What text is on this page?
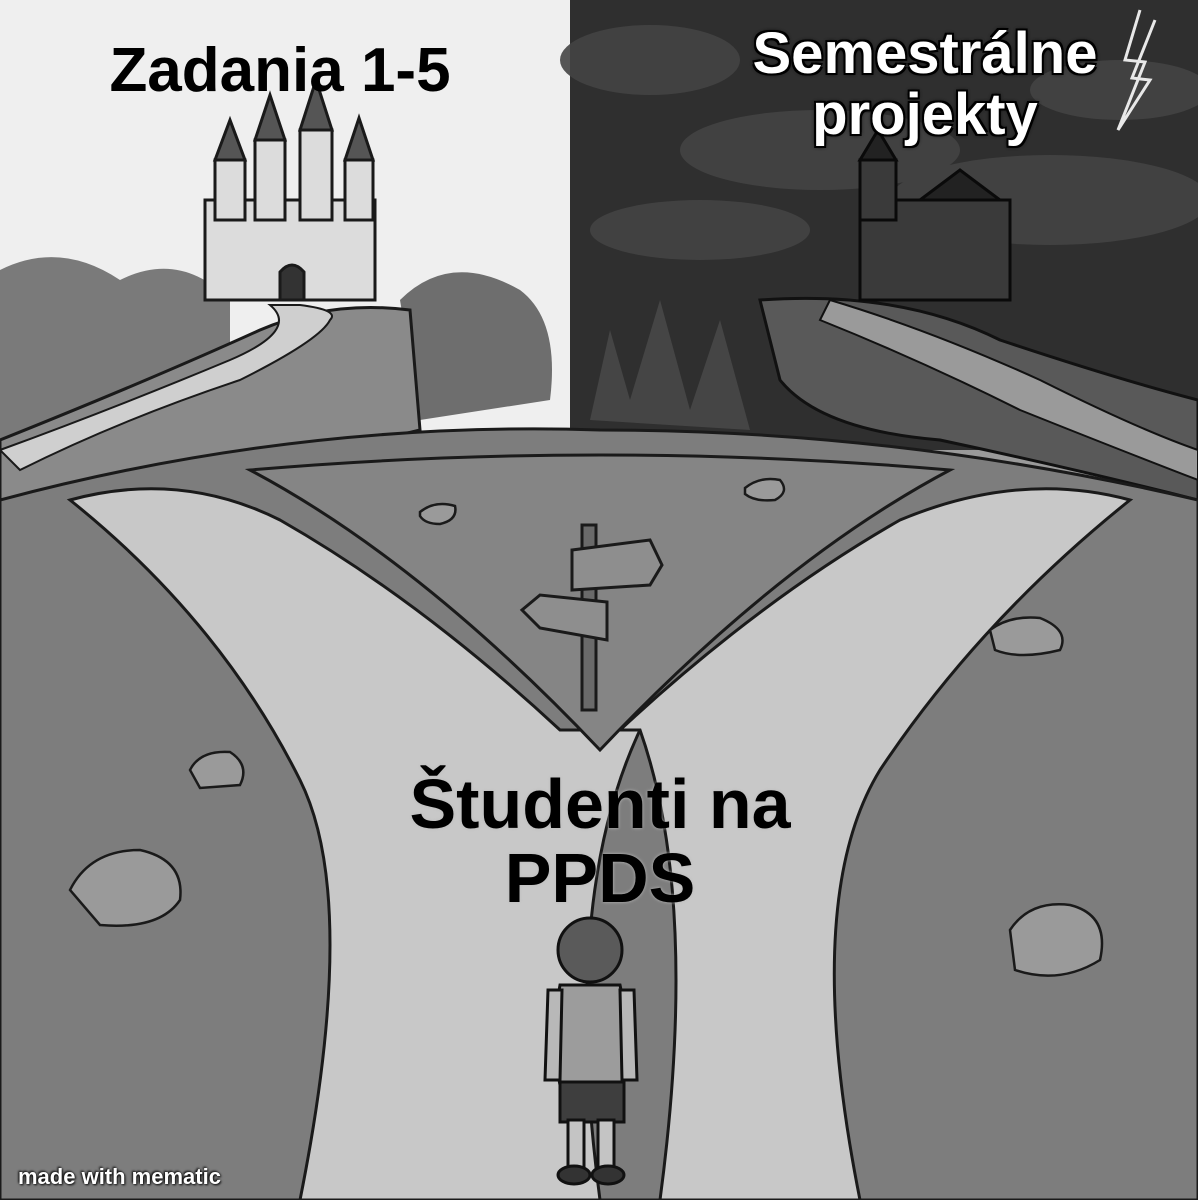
Zadania 1-5	Semestrálne
projekty
Študenti na
PPDS
made with mematic
